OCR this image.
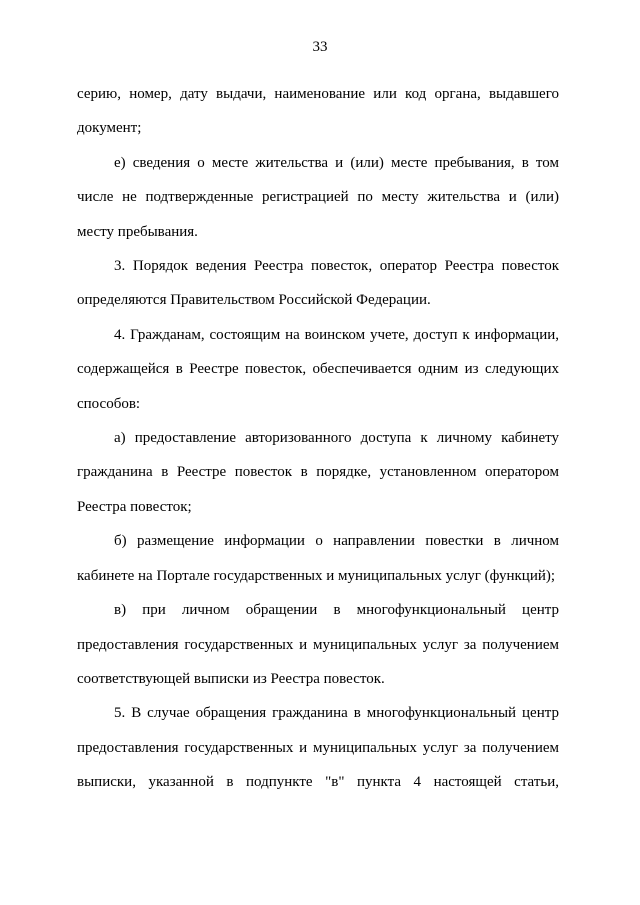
33

серию, номер, дату выдачи, наименование или код органа, выдавшего документ;

е) сведения о месте жительства и (или) месте пребывания, в том числе не подтвержденные регистрацией по месту жительства и (или) месту пребывания.

3. Порядок ведения Реестра повесток, оператор Реестра повесток определяются Правительством Российской Федерации.

4. Гражданам, состоящим на воинском учете, доступ к информации, содержащейся в Реестре повесток, обеспечивается одним из следующих способов:

а) предоставление авторизованного доступа к личному кабинету гражданина в Реестре повесток в порядке, установленном оператором Реестра повесток;

б) размещение информации о направлении повестки в личном кабинете на Портале государственных и муниципальных услуг (функций);

в) при личном обращении в многофункциональный центр предоставления государственных и муниципальных услуг за получением соответствующей выписки из Реестра повесток.

5. В случае обращения гражданина в многофункциональный центр предоставления государственных и муниципальных услуг за получением выписки, указанной в подпункте "в" пункта 4 настоящей статьи,
